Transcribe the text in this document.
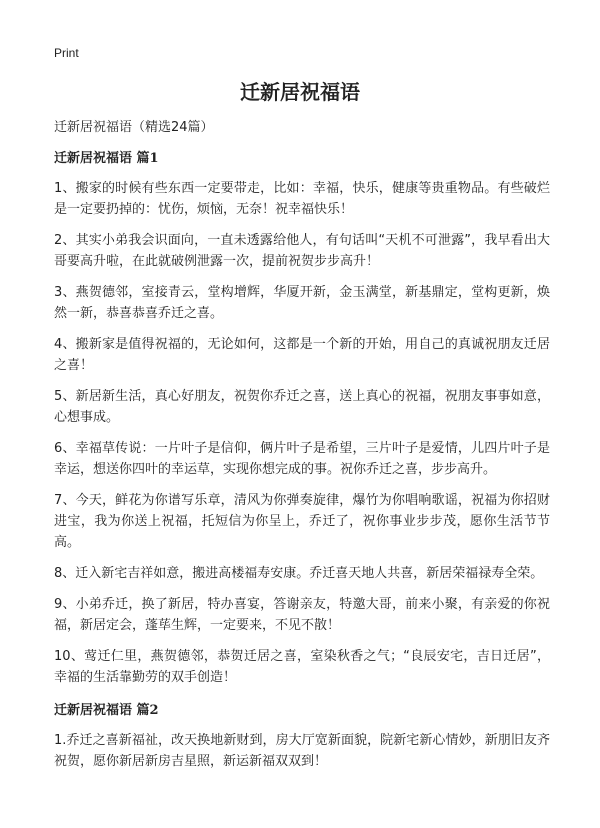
Print
迁新居祝福语

迁新居祝福语（精选24篇）

迁新居祝福语 篇1

1、搬家的时候有些东西一定要带走，比如：幸福，快乐，健康等贵重物品。有些破烂是一定要扔掉的：忧伤，烦恼，无奈！祝幸福快乐！

2、其实小弟我会识面向，一直未透露给他人，有句话叫“天机不可泄露”，我早看出大哥要高升啦，在此就破例泄露一次，提前祝贺步步高升！

3、燕贺德邻，室接青云，堂构增辉，华厦开新，金玉满堂，新基鼎定，堂构更新，焕然一新，恭喜恭喜乔迁之喜。

4、搬新家是值得祝福的，无论如何，这都是一个新的开始，用自己的真诚祝朋友迁居之喜！

5、新居新生活，真心好朋友，祝贺你乔迁之喜，送上真心的祝福，祝朋友事事如意，心想事成。

6、幸福草传说：一片叶子是信仰，俩片叶子是希望，三片叶子是爱情，儿四片叶子是幸运，想送你四叶的幸运草，实现你想完成的事。祝你乔迁之喜，步步高升。

7、今天，鲜花为你谱写乐章，清风为你弹奏旋律，爆竹为你唱响歌谣，祝福为你招财进宝，我为你送上祝福，托短信为你呈上，乔迁了，祝你事业步步茂，愿你生活节节高。

8、迁入新宅吉祥如意，搬进高楼福寿安康。乔迁喜天地人共喜，新居荣福禄寿全荣。

9、小弟乔迁，换了新居，特办喜宴，答谢亲友，特邀大哥，前来小聚，有亲爱的你祝福，新居定会，蓬荜生辉，一定要来，不见不散！

10、莺迁仁里，燕贺德邻，恭贺迁居之喜，室染秋香之气；“良辰安宅，吉日迁居”，幸福的生活靠勤劳的双手创造！

迁新居祝福语 篇2

1.乔迁之喜新福祉，改天换地新财到，房大厅宽新面貌，院新宅新心情妙，新朋旧友齐祝贺，愿你新居新房吉星照，新运新福双双到！
